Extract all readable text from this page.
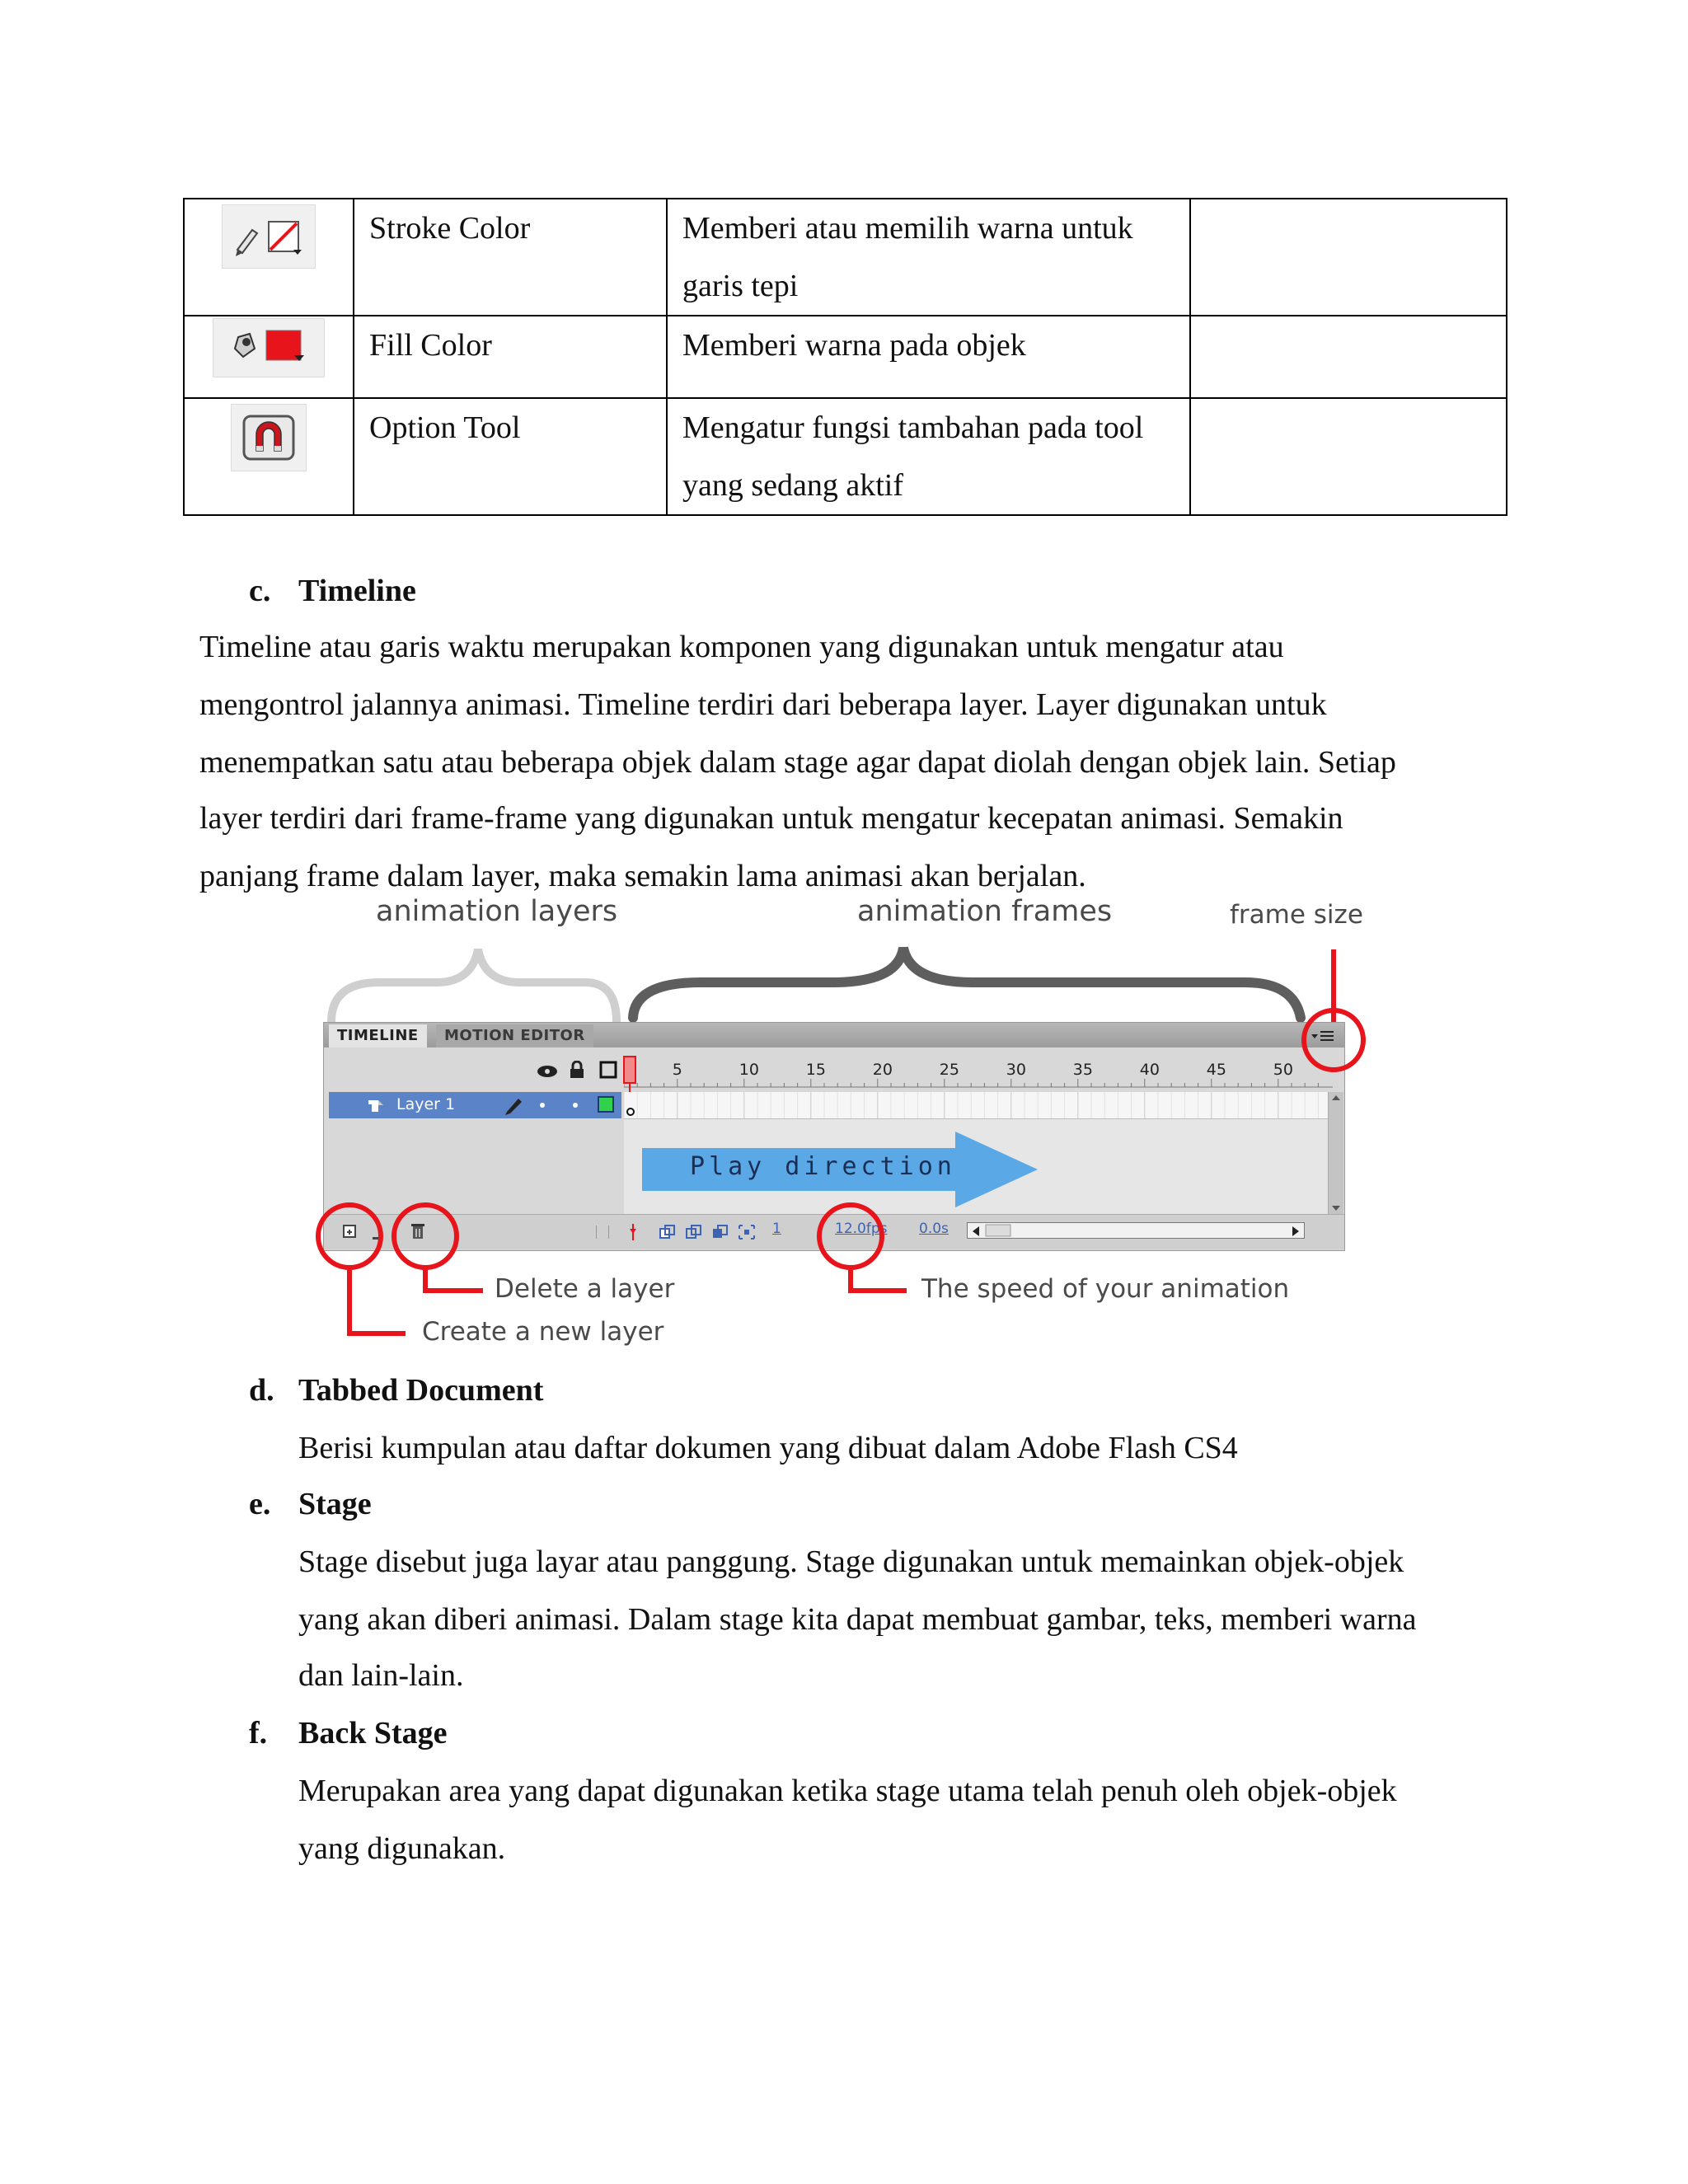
	Stroke Color	Memberi atau memilih warna untuk
garis tepi	

	Fill Color	Memberi warna pada objek	

	Option Tool	Mengatur fungsi tambahan pada tool
yang sedang aktif	

c. Timeline
Timeline atau garis waktu merupakan komponen yang digunakan untuk mengatur atau
mengontrol jalannya animasi. Timeline terdiri dari beberapa layer. Layer digunakan untuk
menempatkan satu atau beberapa objek dalam stage agar dapat diolah dengan objek lain. Setiap
layer terdiri dari frame-frame yang digunakan untuk mengatur kecepatan animasi. Semakin
panjang frame dalam layer, maka semakin lama animasi akan berjalan.
animation layers	animation frames	frame size
TIMELINE	MOTION EDITOR
5	10	15	20	25	30	35	40	45	50
Layer 1
Play direction
1	12.0fps 0.0s
Delete a layer
Create a new layer
The speed of your animation
d. Tabbed Document
Berisi kumpulan atau daftar dokumen yang dibuat dalam Adobe Flash CS4
e. Stage
Stage disebut juga layar atau panggung. Stage digunakan untuk memainkan objek-objek
yang akan diberi animasi. Dalam stage kita dapat membuat gambar, teks, memberi warna
dan lain-lain.
f. Back Stage
Merupakan area yang dapat digunakan ketika stage utama telah penuh oleh objek-objek
yang digunakan.
